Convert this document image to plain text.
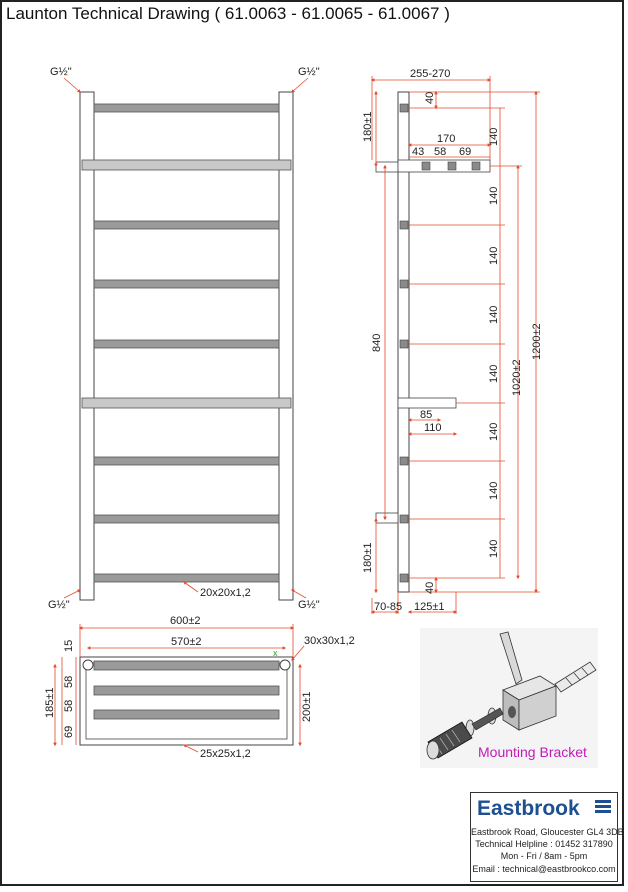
Launton Technical Drawing ( 61.0063 - 61.0065 - 61.0067 )
G½"	G½"
G½"	G½"
20x20x1,2
255-270
40
180±1	170
43 58 69
140
140
140
140
140
140
140
140
1020±2
1200±2
840
85
110
180±1
40
70-85 125±1
x
600±2
570±2	30x30x1,2
15
58
58
69
185±1	200±1
25x25x1,2	Mounting Bracket
Eastbrook
Eastbrook Road, Gloucester GL4 3DB
Technical Helpline : 01452 317890
Mon - Fri / 8am - 5pm
Email : technical@eastbrookco.com
